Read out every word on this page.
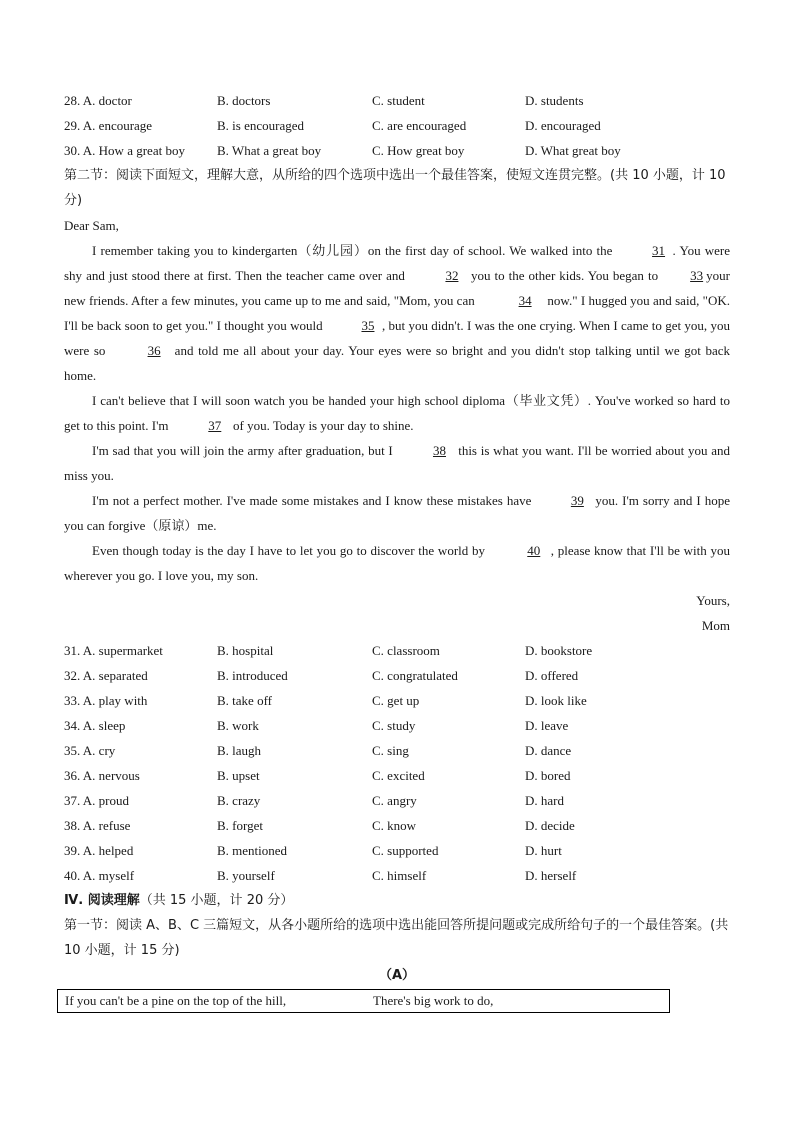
28. A. doctor	B. doctors	C. student	D. students
29. A. encourage	B. is encouraged	C. are encouraged	D. encouraged
30. A. How a great boy B. What a great boy	C. How great boy	D. What great boy
第二节：阅读下面短文，理解大意，从所给的四个选项中选出一个最佳答案，使短文连贯完整。(共 10 小题，计 10 分)
Dear Sam,
I remember taking you to kindergarten（幼儿园）on the first day of school. We walked into the	31 . You were shy and just stood there at first. Then the teacher came over and	32 you to the other kids. You began to 33 your new friends. After a few minutes, you came up to me and said, "Mom, you can	34 now." I hugged you and said, "OK. I'll be back soon to get you." I thought you would	35 , but you didn't. I was the one crying. When I came to get you, you were so	36 and told me all about your day. Your eyes were so bright and you didn't stop talking until we got back home.
I can't believe that I will soon watch you be handed your high school diploma（毕业文凭）. You've worked so hard to get to this point. I'm	37 of you. Today is your day to shine.
I'm sad that you will join the army after graduation, but I	38 this is what you want. I'll be worried about you and miss you.
I'm not a perfect mother. I've made some mistakes and I know these mistakes have	39 you. I'm sorry and I hope you can forgive（原谅）me.
Even though today is the day I have to let you go to discover the world by	40 , please know that I'll be with you wherever you go. I love you, my son.
Yours,
Mom
31. A. supermarket	B. hospital	C. classroom	D. bookstore
32. A. separated	B. introduced	C. congratulated	D. offered
33. A. play with	B. take off	C. get up	D. look like
34. A. sleep	B. work	C. study	D. leave
35. A. cry	B. laugh	C. sing	D. dance
36. A. nervous	B. upset	C. excited	D. bored
37. A. proud	B. crazy	C. angry	D. hard
38. A. refuse	B. forget	C. know	D. decide
39. A. helped	B. mentioned	C. supported	D. hurt
40. A. myself	B. yourself	C. himself	D. herself
Ⅳ. 阅读理解（共 15 小题，计 20 分）
第一节：阅读 A、B、C 三篇短文，从各小题所给的选项中选出能回答所提问题或完成所给句子的一个最佳答案。(共 10 小题，计 15 分)
（A）
If you can't be a pine on the top of the hill,	There's big work to do,
